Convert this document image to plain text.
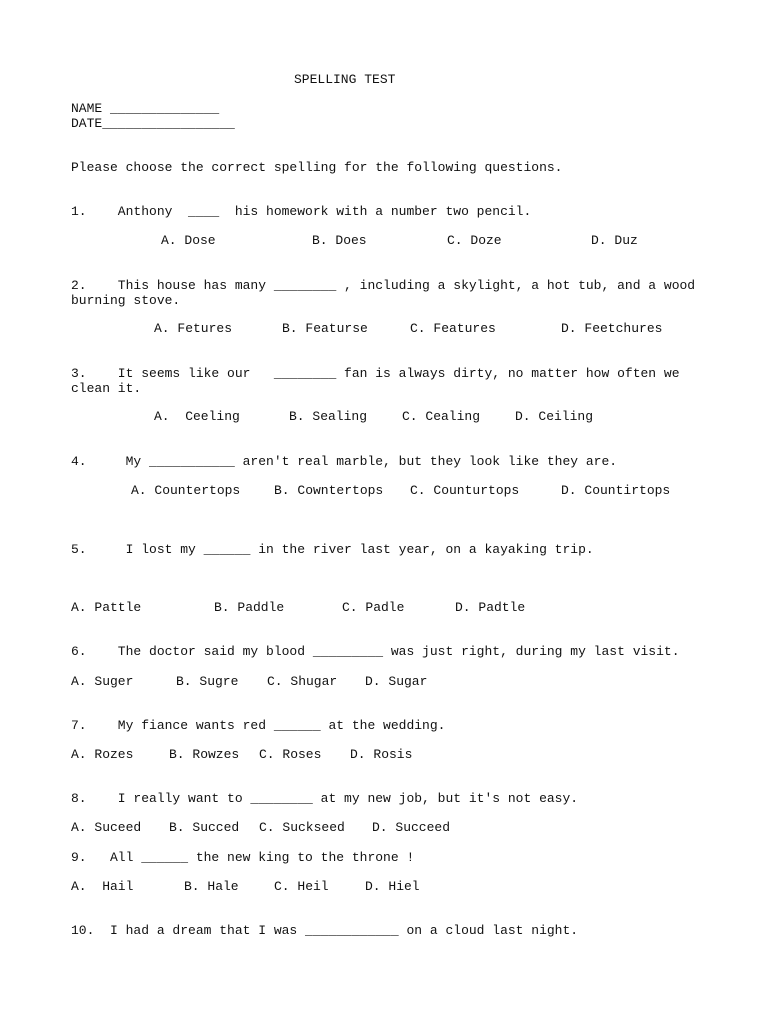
SPELLING TEST
NAME ______________
DATE_________________
Please choose the correct spelling for the following questions.
1.    Anthony  ____  his homework with a number two pencil.
A. Dose	B. Does	C. Doze	D. Duz
2.    This house has many ________ , including a skylight, a hot tub, and a wood
burning stove.
A. Fetures	B. Featurse	C. Features	D. Feetchures
3.    It seems like our   ________ fan is always dirty, no matter how often we
clean it.
A.  Ceeling	B. Sealing	C. Cealing	D. Ceiling
4.     My ___________ aren't real marble, but they look like they are.
A. Countertops	B. Cowntertops C. Counturtops	D. Countirtops
5.     I lost my ______ in the river last year, on a kayaking trip.
A. Pattle	B. Paddle	C. Padle	D. Padtle
6.    The doctor said my blood _________ was just right, during my last visit.
A. Suger	B. Sugre C. Shugar D. Sugar
7.    My fiance wants red ______ at the wedding.
A. Rozes	B. Rowzes C. Roses D. Rosis
8.    I really want to ________ at my new job, but it's not easy.
A. Suceed B. Succed C. Suckseed D. Succeed
9.   All ______ the new king to the throne !
A.  Hail	B. Hale	C. Heil	D. Hiel
10.  I had a dream that I was ____________ on a cloud last night.
